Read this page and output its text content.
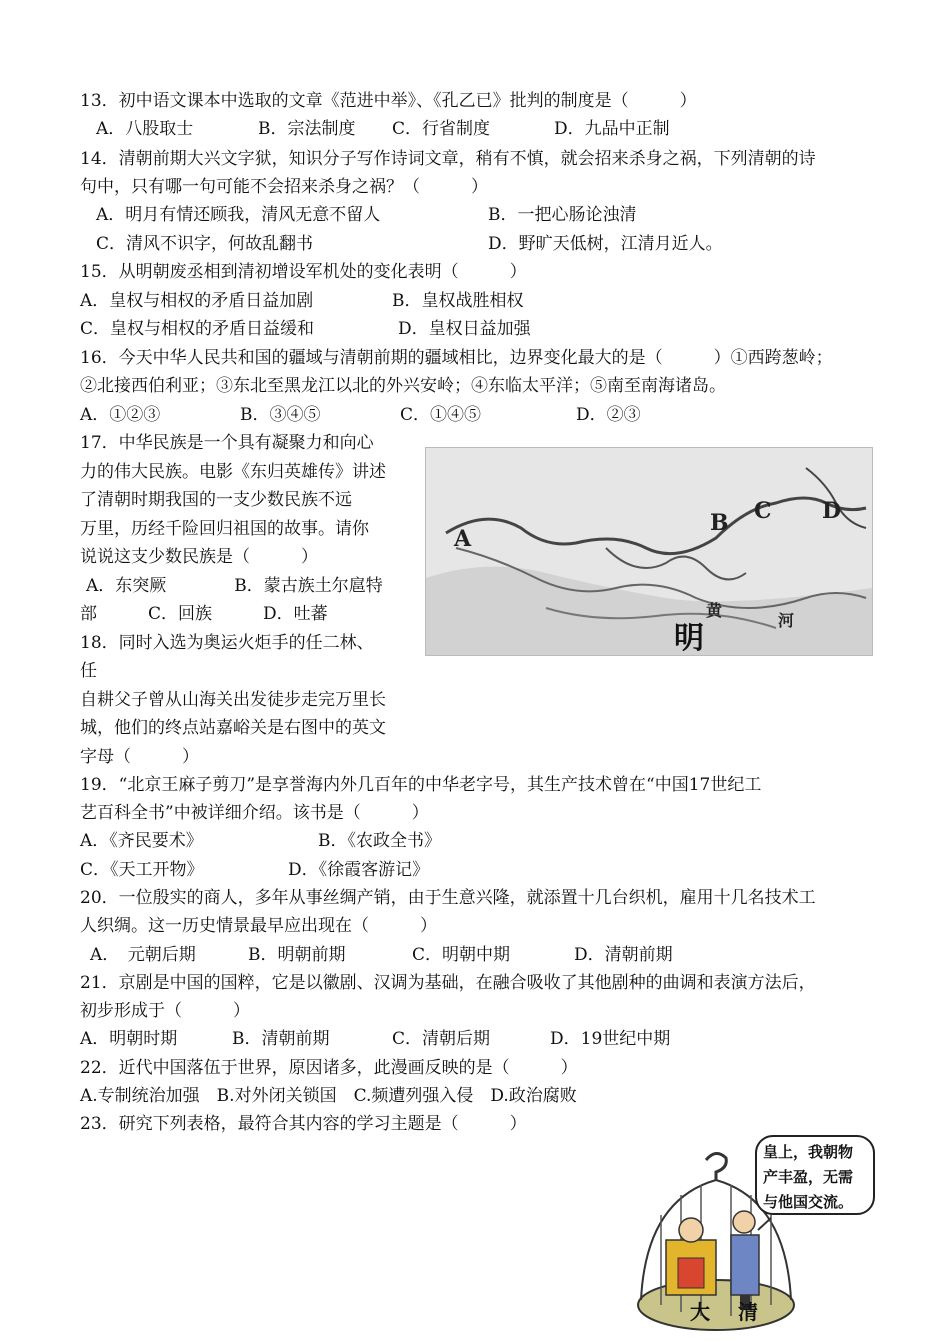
13．初中语文课本中选取的文章《范进中举》、《孔乙已》批判的制度是（　　　）
A．八股取士	B．宗法制度 C．行省制度	D．九品中正制
14．清朝前期大兴文字狱，知识分子写作诗词文章，稍有不慎，就会招来杀身之祸，下列清朝的诗
句中，只有哪一句可能不会招来杀身之祸？（　　　）
A．明月有情还顾我，清风无意不留人	B．一把心肠论浊清
C．清风不识字，何故乱翻书	D．野旷天低树，江清月近人。
15．从明朝废丞相到清初增设军机处的变化表明（　　　）
A．皇权与相权的矛盾日益加剧	B．皇权战胜相权
C．皇权与相权的矛盾日益缓和	D．皇权日益加强
16．今天中华人民共和国的疆域与清朝前期的疆域相比，边界变化最大的是（　　　）①西跨葱岭；
②北接西伯利亚；③东北至黑龙江以北的外兴安岭；④东临太平洋；⑤南至南海诸岛。
A．①②③	B．③④⑤	C．①④⑤	D．②③
17．中华民族是一个具有凝聚力和向心
力的伟大民族。电影《东归英雄传》讲述
了清朝时期我国的一支少数民族不远
万里，历经千险回归祖国的故事。请你
说说这支少数民族是（　　　）
A．东突厥　　　　B．蒙古族土尔扈特
部　　　C．回族　　　D．吐蕃
18．同时入选为奥运火炬手的任二林、
任
自耕父子曾从山海关出发徒步走完万里长
城，他们的终点站嘉峪关是右图中的英文
字母（　　　）
A
B C D
黄
河
明
19．“北京王麻子剪刀”是享誉海内外几百年的中华老字号，其生产技术曾在“中国17世纪工
艺百科全书”中被详细介绍。该书是（　　　）
A．《齐民要术》	B．《农政全书》
C．《天工开物》	D．《徐霞客游记》
20．一位殷实的商人，多年从事丝绸产销，由于生意兴隆，就添置十几台织机，雇用十几名技术工
人织绸。这一历史情景最早应出现在（　　　）
A．　元朝后期	B．明朝前期	C．明朝中期	D．清朝前期
21．京剧是中国的国粹，它是以徽剧、汉调为基础，在融合吸收了其他剧种的曲调和表演方法后，
初步形成于（　　　）
A．明朝时期	B．清朝前期	C．清朝后期	D．19世纪中期
22．近代中国落伍于世界，原因诸多，此漫画反映的是（　　　）
A.专制统治加强　B.对外闭关锁国　C.频遭列强入侵　D.政治腐败
23．研究下列表格，最符合其内容的学习主题是（　　　）
皇上，我朝物
产丰盈，无需
与他国交流。
大 清
